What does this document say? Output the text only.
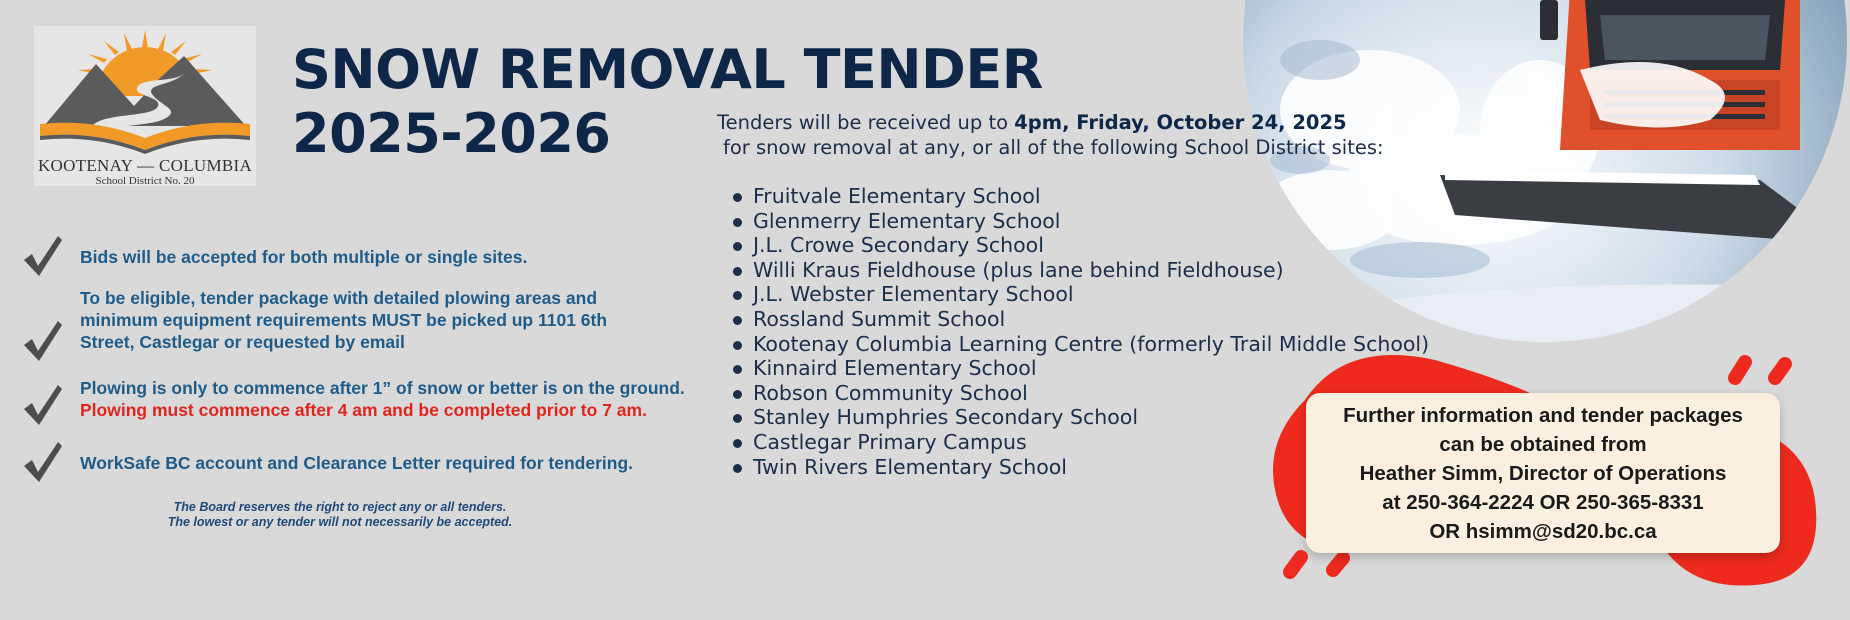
KOOTENAY — COLUMBIA
School District No. 20
SNOW REMOVAL TENDER
2025-2026
Bids will be accepted for both multiple or single sites.
To be eligible, tender package with detailed plowing areas and
minimum equipment requirements MUST be picked up 1101 6th
Street, Castlegar or requested by email
Plowing is only to commence after 1” of snow or better is on the ground.
Plowing must commence after 4 am and be completed prior to 7 am.
WorkSafe BC account and Clearance Letter required for tendering.
The Board reserves the right to reject any or all tenders.
The lowest or any tender will not necessarily be accepted.
Tenders will be received up to 4pm, Friday, October 24, 2025
for snow removal at any, or all of the following School District sites:
Fruitvale Elementary School
Glenmerry Elementary School
J.L. Crowe Secondary School
Willi Kraus Fieldhouse (plus lane behind Fieldhouse)
J.L. Webster Elementary School
Rossland Summit School
Kootenay Columbia Learning Centre (formerly Trail Middle School)
Kinnaird Elementary School
Robson Community School
Stanley Humphries Secondary School
Castlegar Primary Campus
Twin Rivers Elementary School
Further information and tender packages
can be obtained from
Heather Simm, Director of Operations
at 250-364-2224 OR 250-365-8331
OR hsimm@sd20.bc.ca
